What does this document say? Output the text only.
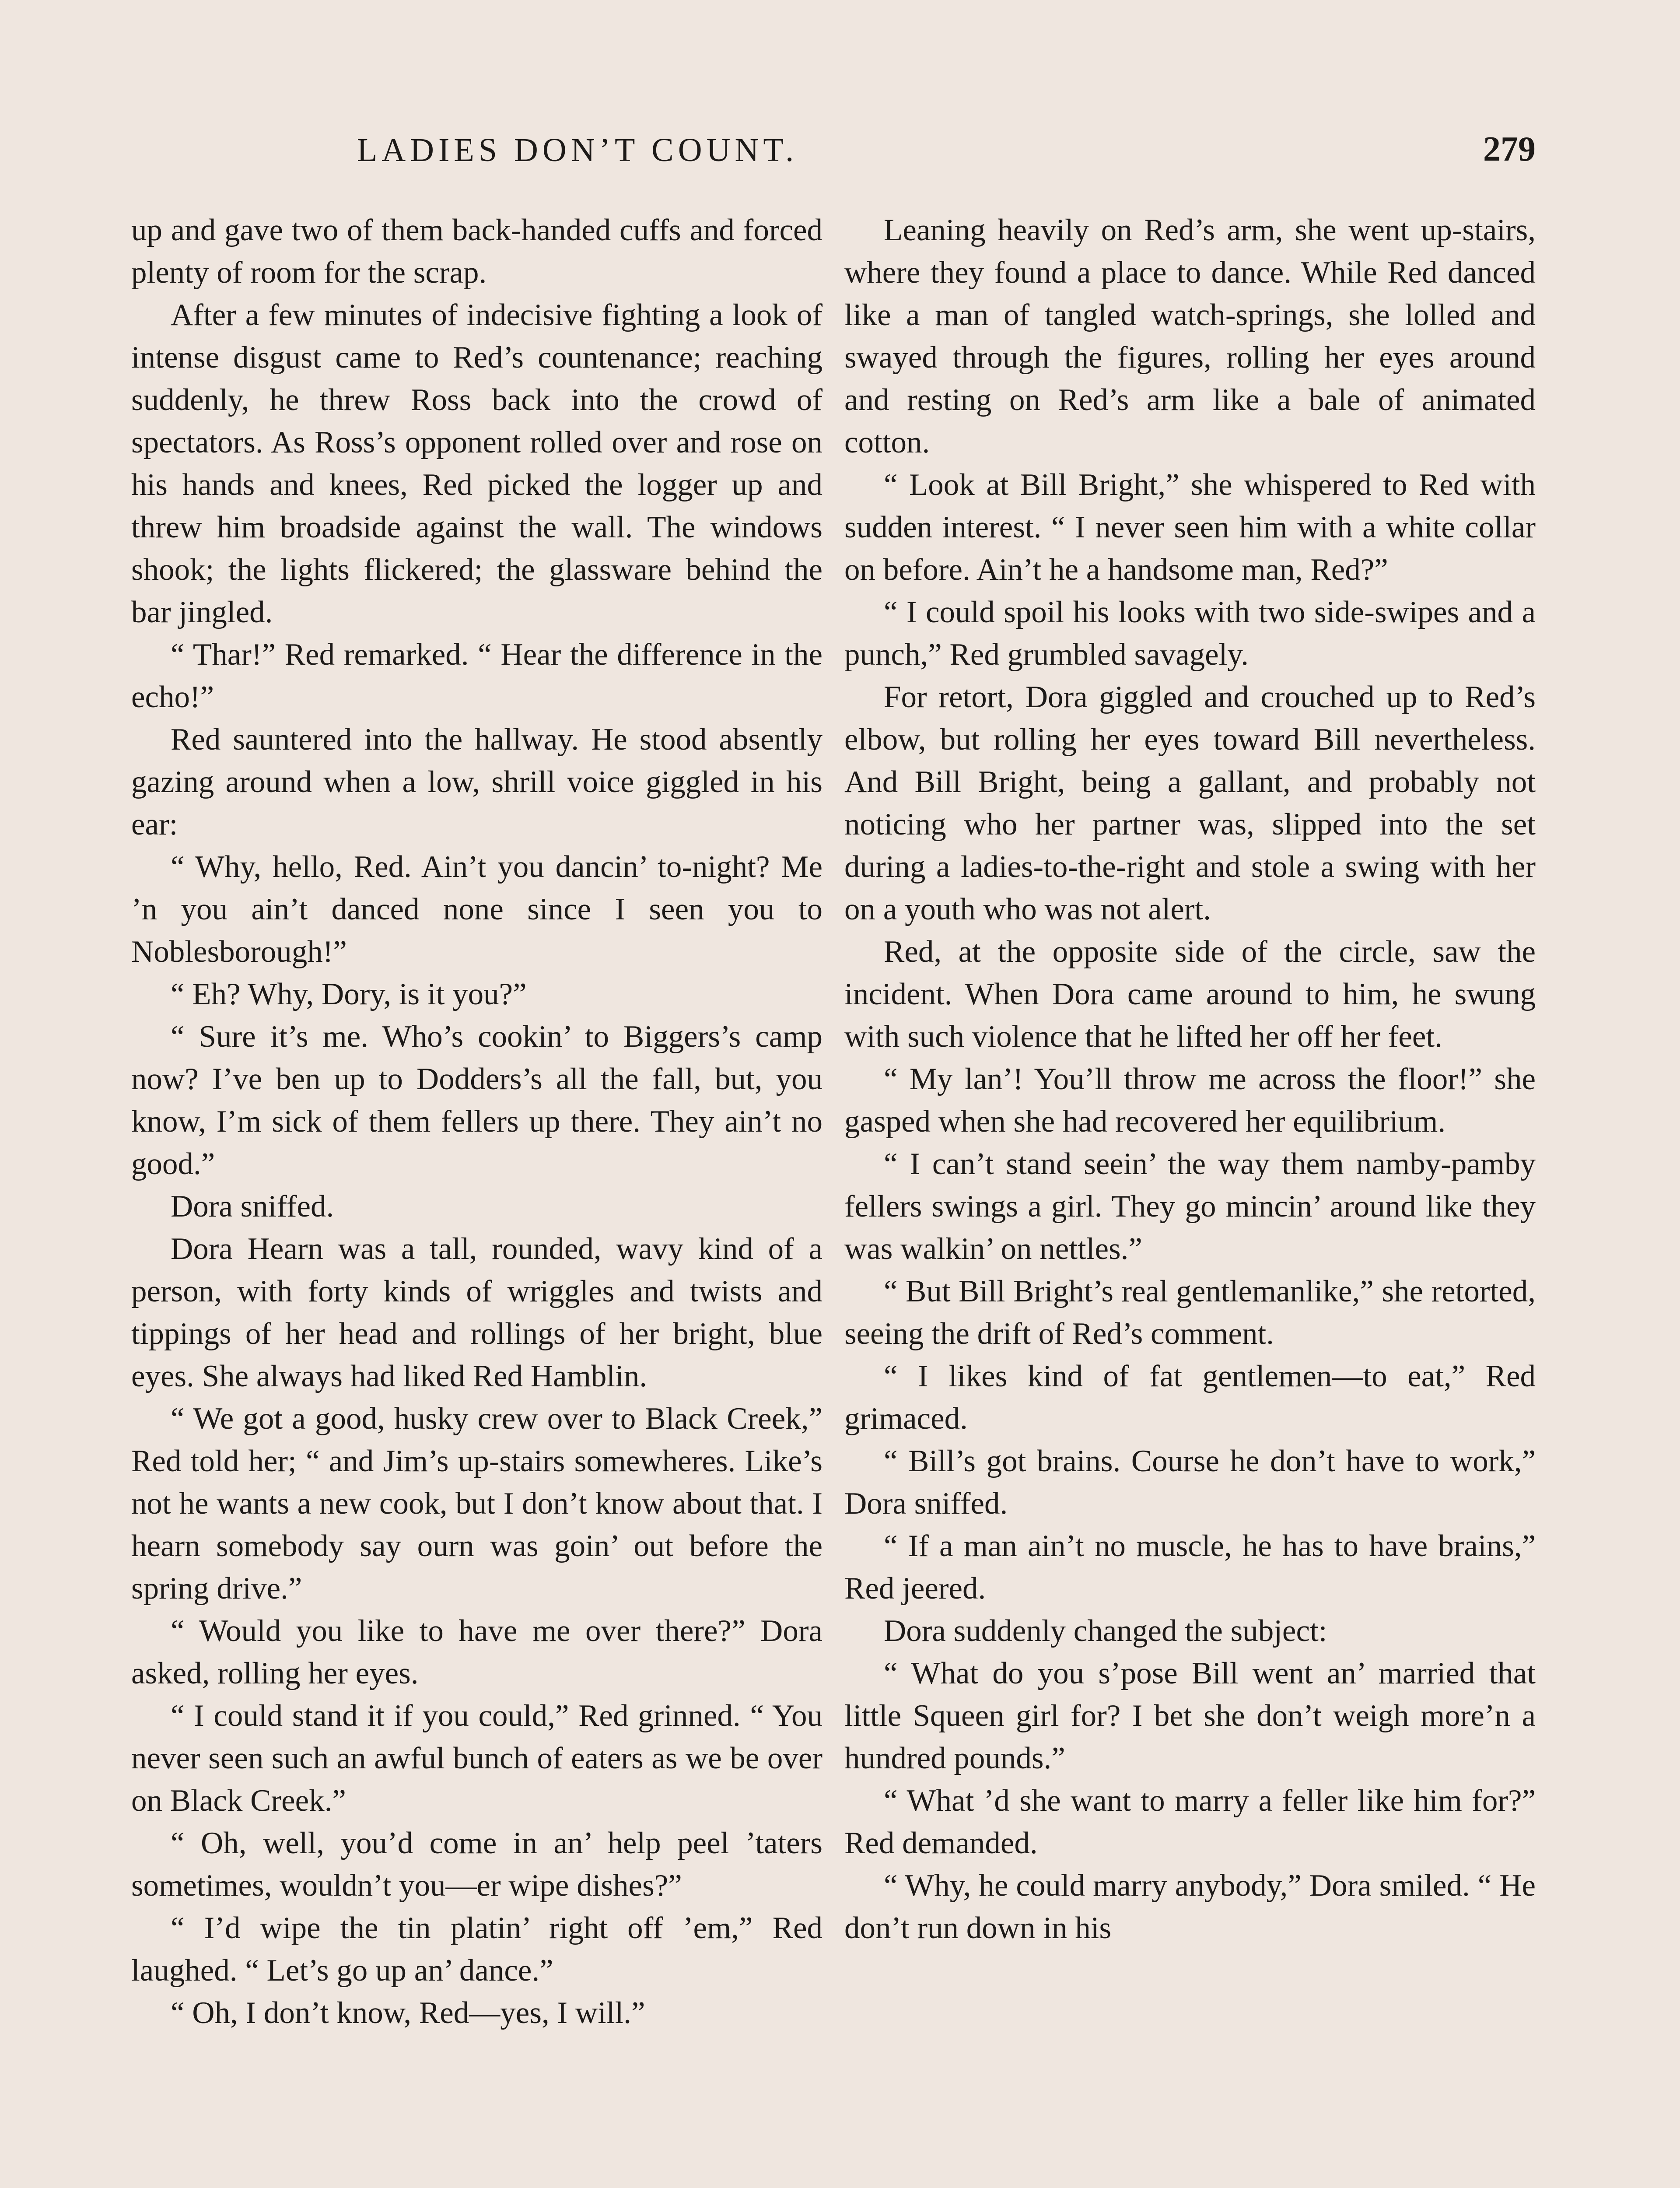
LADIES DON’T COUNT.	279

up and gave two of them back-handed cuffs and forced plenty of room for the scrap.

After a few minutes of indecisive fighting a look of intense disgust came to Red’s countenance; reaching suddenly, he threw Ross back into the crowd of spectators. As Ross’s opponent rolled over and rose on his hands and knees, Red picked the logger up and threw him broadside against the wall. The windows shook; the lights flickered; the glassware behind the bar jingled.

“ Thar!” Red remarked. “ Hear the difference in the echo!”

Red sauntered into the hallway. He stood absently gazing around when a low, shrill voice giggled in his ear:

“ Why, hello, Red. Ain’t you dancin’ to-night? Me ’n you ain’t danced none since I seen you to Noblesborough!”

“ Eh? Why, Dory, is it you?”

“ Sure it’s me. Who’s cookin’ to Biggers’s camp now? I’ve ben up to Dodders’s all the fall, but, you know, I’m sick of them fellers up there. They ain’t no good.”

Dora sniffed.

Dora Hearn was a tall, rounded, wavy kind of a person, with forty kinds of wriggles and twists and tippings of her head and rollings of her bright, blue eyes. She always had liked Red Hamblin.

“ We got a good, husky crew over to Black Creek,” Red told her; “ and Jim’s up-stairs somewheres. Like’s not he wants a new cook, but I don’t know about that. I hearn somebody say ourn was goin’ out before the spring drive.”

“ Would you like to have me over there?” Dora asked, rolling her eyes.

“ I could stand it if you could,” Red grinned. “ You never seen such an awful bunch of eaters as we be over on Black Creek.”

“ Oh, well, you’d come in an’ help peel ’taters sometimes, wouldn’t you—er wipe dishes?”

“ I’d wipe the tin platin’ right off ’em,” Red laughed. “ Let’s go up an’ dance.”

“ Oh, I don’t know, Red—yes, I will.”

Leaning heavily on Red’s arm, she went up-stairs, where they found a place to dance. While Red danced like a man of tangled watch-springs, she lolled and swayed through the figures, rolling her eyes around and resting on Red’s arm like a bale of animated cotton.

“ Look at Bill Bright,” she whispered to Red with sudden interest. “ I never seen him with a white collar on before. Ain’t he a handsome man, Red?”

“ I could spoil his looks with two side-swipes and a punch,” Red grumbled savagely.

For retort, Dora giggled and crouched up to Red’s elbow, but rolling her eyes toward Bill nevertheless. And Bill Bright, being a gallant, and probably not noticing who her partner was, slipped into the set during a ladies-to-the-right and stole a swing with her on a youth who was not alert.

Red, at the opposite side of the circle, saw the incident. When Dora came around to him, he swung with such violence that he lifted her off her feet.

“ My lan’! You’ll throw me across the floor!” she gasped when she had recovered her equilibrium.

“ I can’t stand seein’ the way them namby-pamby fellers swings a girl. They go mincin’ around like they was walkin’ on nettles.”

“ But Bill Bright’s real gentlemanlike,” she retorted, seeing the drift of Red’s comment.

“ I likes kind of fat gentlemen—to eat,” Red grimaced.

“ Bill’s got brains. Course he don’t have to work,” Dora sniffed.

“ If a man ain’t no muscle, he has to have brains,” Red jeered.

Dora suddenly changed the subject:

“ What do you s’pose Bill went an’ married that little Squeen girl for? I bet she don’t weigh more’n a hundred pounds.”

“ What ’d she want to marry a feller like him for?” Red demanded.

“ Why, he could marry anybody,” Dora smiled. “ He don’t run down in his
